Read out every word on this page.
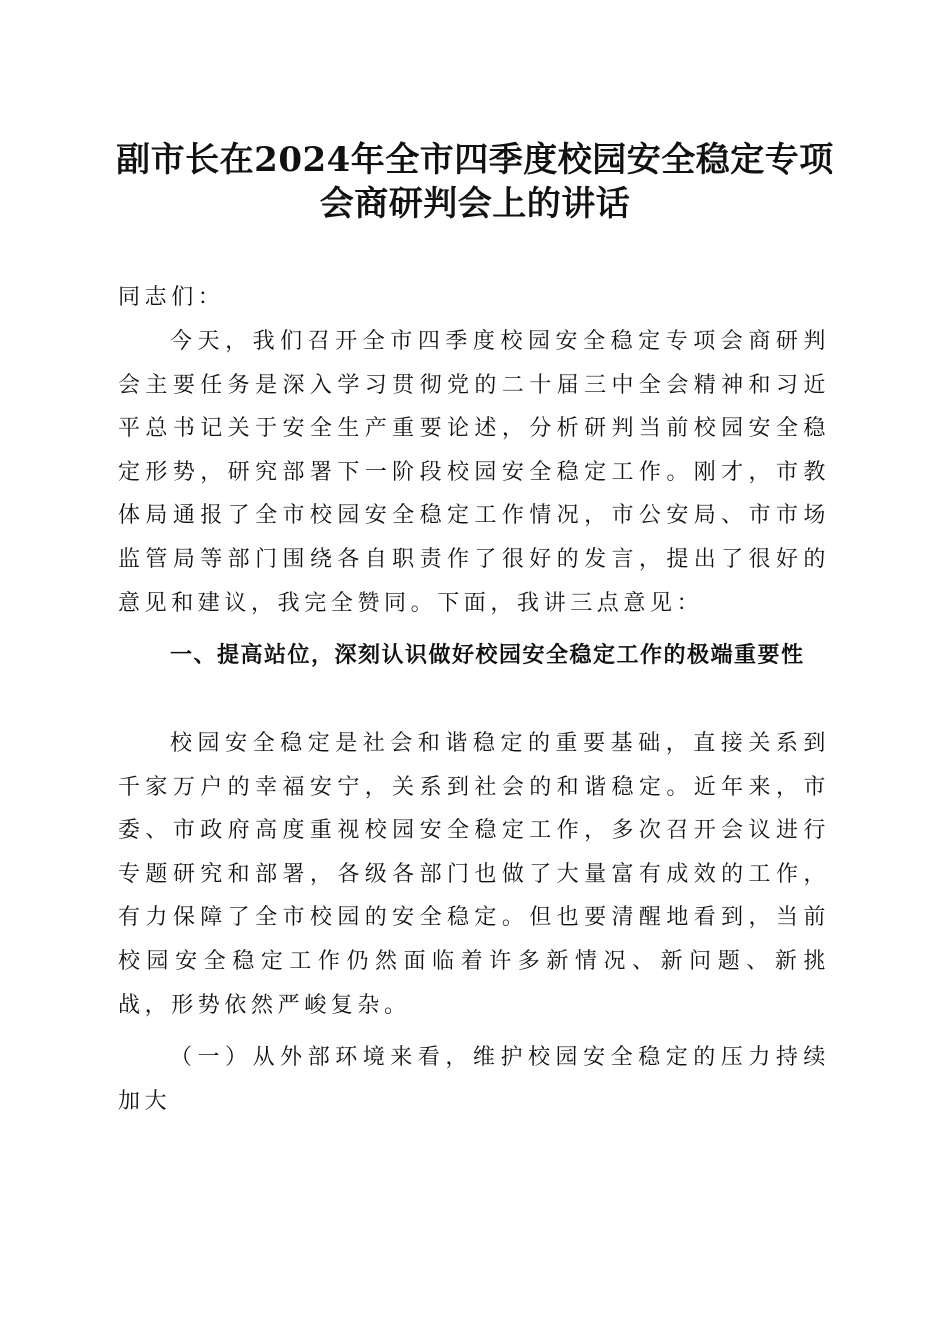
副市长在2024年全市四季度校园安全稳定专项会商研判会上的讲话

同志们：

今天，我们召开全市四季度校园安全稳定专项会商研判会主要任务是深入学习贯彻党的二十届三中全会精神和习近平总书记关于安全生产重要论述，分析研判当前校园安全稳定形势，研究部署下一阶段校园安全稳定工作。刚才，市教体局通报了全市校园安全稳定工作情况，市公安局、市市场监管局等部门围绕各自职责作了很好的发言，提出了很好的意见和建议，我完全赞同。下面，我讲三点意见：

一、提高站位，深刻认识做好校园安全稳定工作的极端重要性

校园安全稳定是社会和谐稳定的重要基础，直接关系到千家万户的幸福安宁，关系到社会的和谐稳定。近年来，市委、市政府高度重视校园安全稳定工作，多次召开会议进行专题研究和部署，各级各部门也做了大量富有成效的工作，有力保障了全市校园的安全稳定。但也要清醒地看到，当前校园安全稳定工作仍然面临着许多新情况、新问题、新挑战，形势依然严峻复杂。

（一）从外部环境来看，维护校园安全稳定的压力持续加大
